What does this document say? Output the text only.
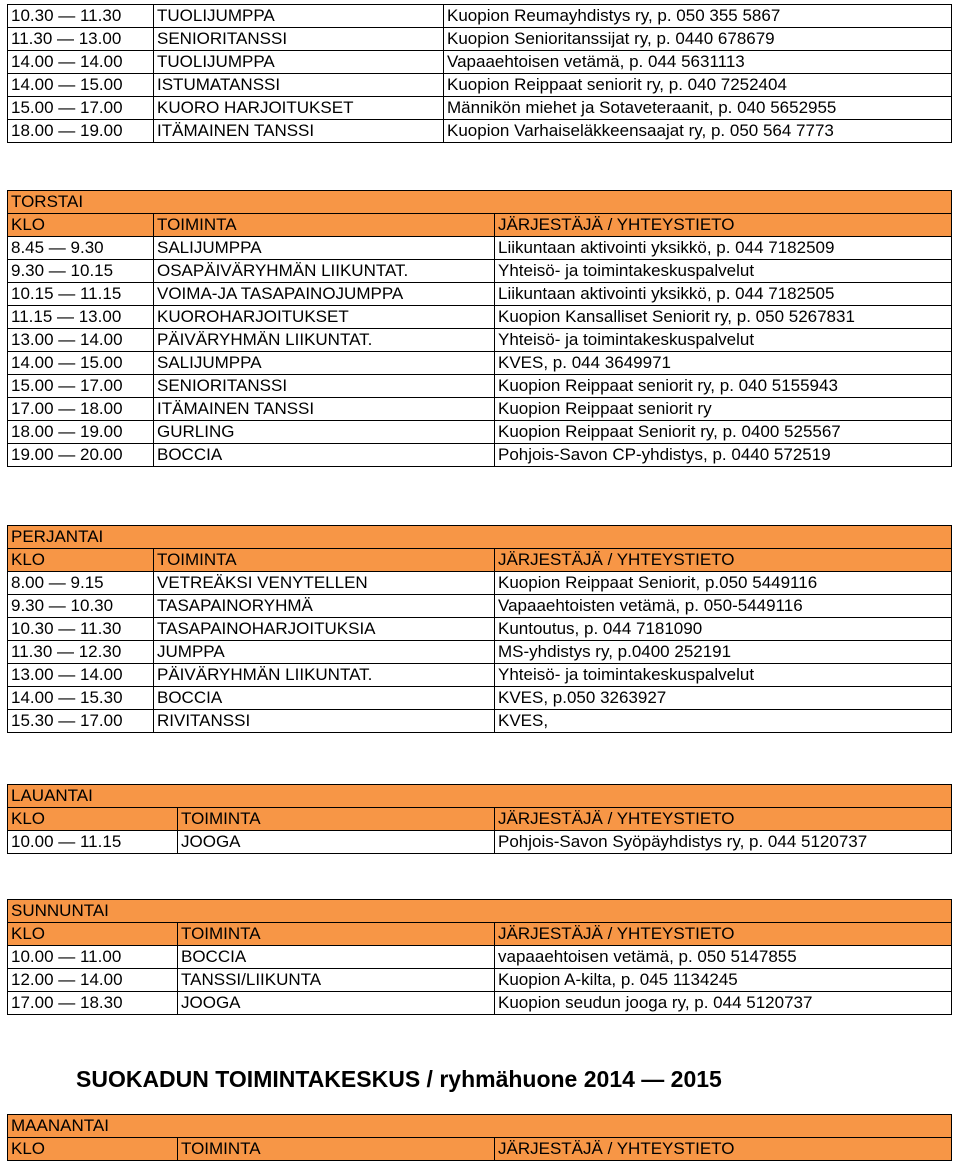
10.30 — 11.30	TUOLIJUMPPA	Kuopion Reumayhdistys ry, p. 050 355 5867
11.30 — 13.00	SENIORITANSSI	Kuopion Senioritanssijat ry, p. 0440 678679
14.00 — 14.00	TUOLIJUMPPA	Vapaaehtoisen vetämä, p. 044 5631113
14.00 — 15.00	ISTUMATANSSI	Kuopion Reippaat seniorit ry, p. 040 7252404
15.00 — 17.00	KUORO HARJOITUKSET	Männikön miehet ja Sotaveteraanit, p. 040 5652955
18.00 — 19.00	ITÄMAINEN TANSSI	Kuopion Varhaiseläkkeensaajat ry, p. 050 564 7773
TORSTAI		
KLO	TOIMINTA	JÄRJESTÄJÄ / YHTEYSTIETO
8.45 — 9.30	SALIJUMPPA	Liikuntaan aktivointi yksikkö, p. 044 7182509
9.30 — 10.15	OSAPÄIVÄRYHMÄN LIIKUNTAT.	Yhteisö- ja toimintakeskuspalvelut
10.15 — 11.15	VOIMA-JA TASAPAINOJUMPPA	Liikuntaan aktivointi yksikkö, p. 044 7182505
11.15 — 13.00	KUOROHARJOITUKSET	Kuopion Kansalliset Seniorit ry, p. 050 5267831
13.00 — 14.00	PÄIVÄRYHMÄN LIIKUNTAT.	Yhteisö- ja toimintakeskuspalvelut
14.00 — 15.00	SALIJUMPPA	KVES, p. 044 3649971
15.00 — 17.00	SENIORITANSSI	Kuopion Reippaat seniorit ry, p. 040 5155943
17.00 — 18.00	ITÄMAINEN TANSSI	Kuopion Reippaat seniorit ry
18.00 — 19.00	GURLING	Kuopion Reippaat Seniorit ry, p. 0400 525567
19.00 — 20.00	BOCCIA	Pohjois-Savon CP-yhdistys, p. 0440 572519
PERJANTAI		
KLO	TOIMINTA	JÄRJESTÄJÄ / YHTEYSTIETO
8.00 — 9.15	VETREÄKSI VENYTELLEN	Kuopion Reippaat Seniorit, p.050 5449116
9.30 — 10.30	TASAPAINORYHMÄ	Vapaaehtoisten vetämä, p. 050-5449116
10.30 — 11.30	TASAPAINOHARJOITUKSIA	Kuntoutus, p. 044 7181090
11.30 — 12.30	JUMPPA	MS-yhdistys ry, p.0400 252191
13.00 — 14.00	PÄIVÄRYHMÄN LIIKUNTAT.	Yhteisö- ja toimintakeskuspalvelut
14.00 — 15.30	BOCCIA	KVES, p.050 3263927
15.30 — 17.00	RIVITANSSI	KVES,
LAUANTAI		
KLO	TOIMINTA	JÄRJESTÄJÄ / YHTEYSTIETO
10.00 — 11.15	JOOGA	Pohjois-Savon Syöpäyhdistys ry, p. 044 5120737
SUNNUNTAI		
KLO	TOIMINTA	JÄRJESTÄJÄ / YHTEYSTIETO
10.00 — 11.00	BOCCIA	vapaaehtoisen vetämä, p. 050 5147855
12.00 — 14.00	TANSSI/LIIKUNTA	Kuopion A-kilta, p. 045 1134245
17.00 — 18.30	JOOGA	Kuopion seudun jooga ry, p. 044 5120737
SUOKADUN TOIMINTAKESKUS / ryhmähuone 2014 — 2015
MAANANTAI
KLO	TOIMINTA	JÄRJESTÄJÄ / YHTEYSTIETO
